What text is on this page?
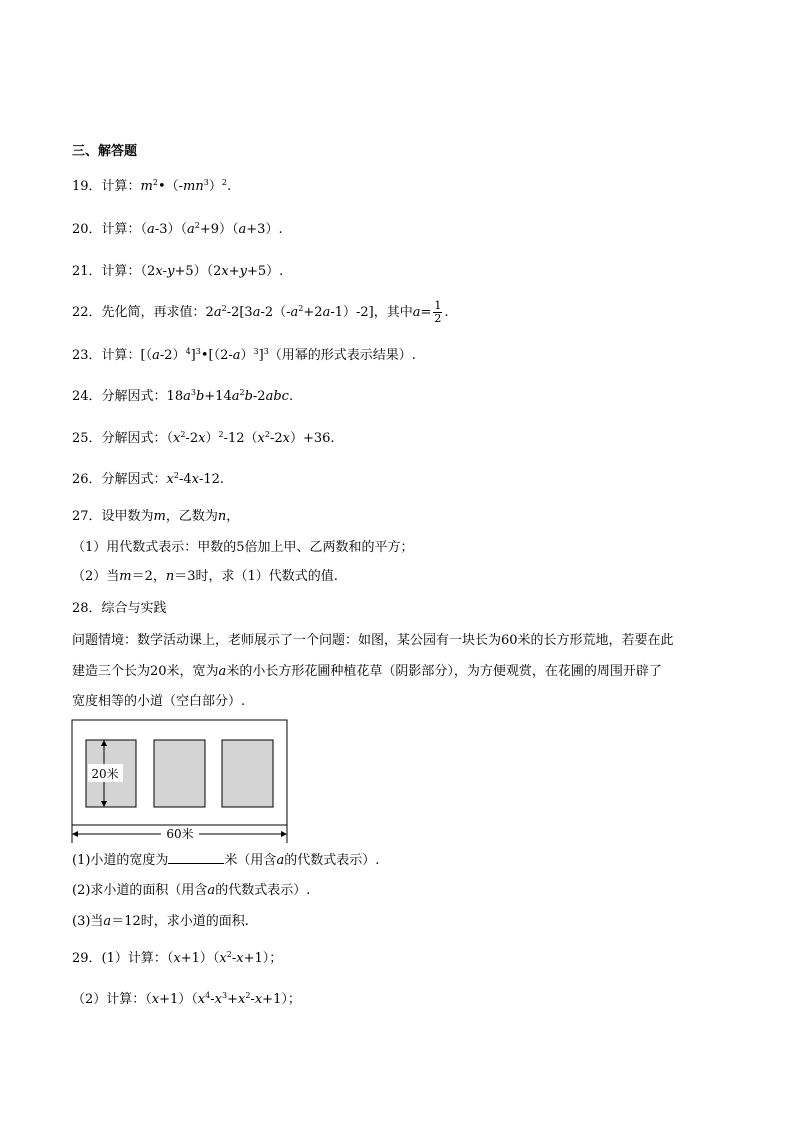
三、解答题
19．计算：$m^2•(-mn^3)^2$.
20．计算：$(a-3)(a^2+9)(a+3)$.
21．计算：（2x-y+5）（2x+y+5）.
22．先化简，再求值：$2a^2-2[3a-2(-a^2+2a-1)-2]$，其中$a= \frac{1}{2}$ .
23．计算：$[(a-2)^4]^3•[(2-a)^3]^3$（用幂的形式表示结果）.
24．分解因式：$18a^3b+14a^2b-2abc$.
25．分解因式：$(x^2-2x)^2-12(x^2-2x)+36$.
26．分解因式：$x^2-4x-12$.
27．设甲数为m，乙数为n，
（1）用代数式表示：甲数的5倍加上甲、乙两数和的平方；
（2）当m＝2，n＝3时，求（1）代数式的值.
28．综合与实践
问题情境：数学活动课上，老师展示了一个问题：如图，某公园有一块长为60米的长方形荒地，若要在此
建造三个长为20米，宽为a米的小长方形花圃种植花草（阴影部分），为方便观赏，在花圃的周围开辟了
宽度相等的小道（空白部分）.
20米
60米
(1)小道的宽度为	米（用含a的代数式表示）.
(2)求小道的面积（用含a的代数式表示）.
(3)当a＝12时，求小道的面积.
29．(1）计算：$(x+1)(x^2-x+1)$；
（2）计算：$(x+1)(x^4-x^3+x^2-x+1)$；
